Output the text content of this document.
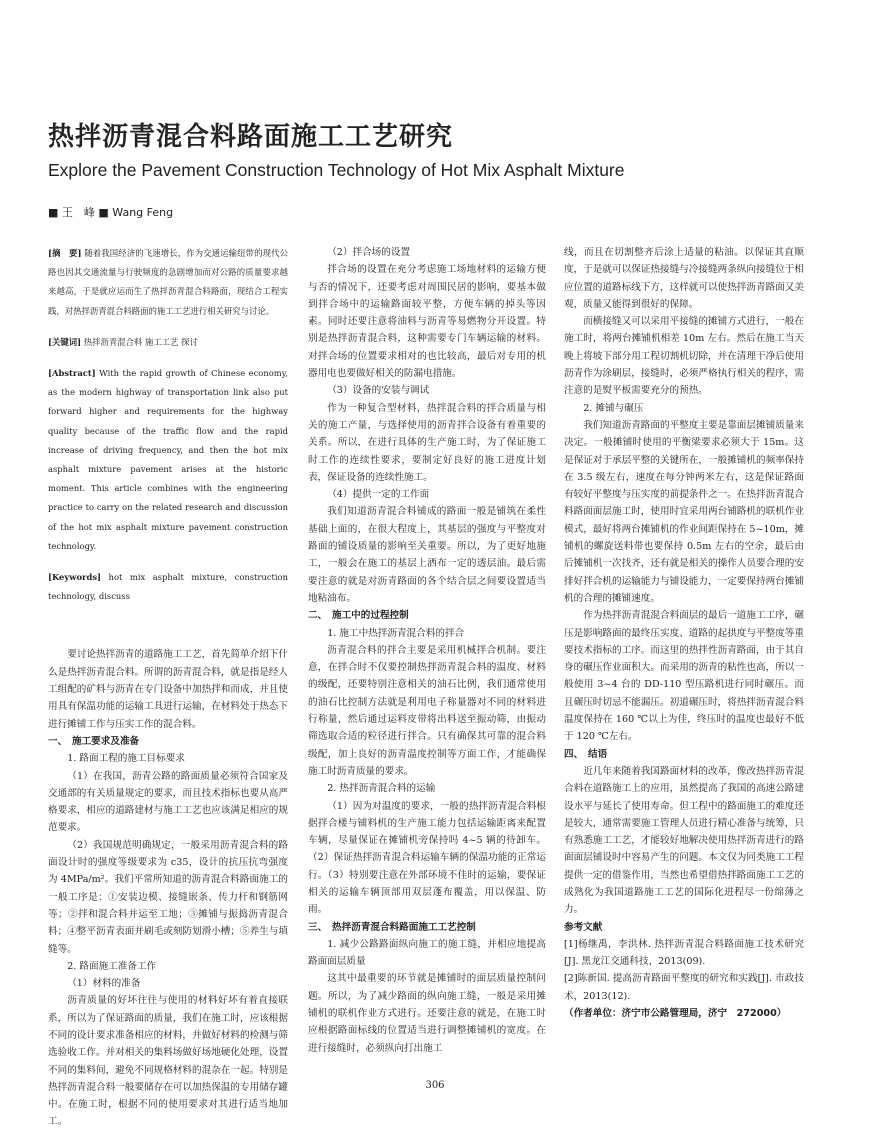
热拌沥青混合料路面施工工艺研究
Explore the Pavement Construction Technology of Hot Mix Asphalt Mixture
■ 王　峰 ■ Wang Feng

[摘　要] 随着我国经济的飞速增长，作为交通运输纽带的现代公路也因其交通流量与行驶频度的急剧增加而对公路的质量要求越来越高，于是就应运而生了热拌沥青混合料路面，现结合工程实践，对热拌沥青混合料路面的施工工艺进行相关研究与讨论。

[关键词] 热拌沥青混合料 施工工艺 探讨

[Abstract] With the rapid growth of Chinese economy, as the modern highway of transportation link also put forward higher and requirements for the highway quality because of the traffic flow and the rapid increase of driving frequency, and then the hot mix asphalt mixture pavement arises at the historic moment. This article combines with the engineering practice to carry on the related research and discussion of the hot mix asphalt mixture pavement construction technology.

[Keywords] hot mix asphalt mixture, construction technology, discuss

要讨论热拌沥青的道路施工工艺，首先简单介绍下什么是热拌沥青混合料。所谓的沥青混合料，就是指是经人工组配的矿料与沥青在专门设备中加热拌和而成，并且使用具有保温功能的运输工具进行运输，在材料处于热态下进行摊铺工作与压实工作的混合料。

一、　施工要求及准备

1. 路面工程的施工目标要求

（1）在我国，沥青公路的路面质量必须符合国家及交通部的有关质量规定的要求，而且技术指标也要从高严格要求，相应的道路建材与施工工艺也应该满足相应的规范要求。

（2）我国规范明确规定，一般采用沥青混合料的路面设计时的强度等级要求为 c35，设计的抗压抗弯强度为 4MPa/m²。我们平常所知道的沥青混合料路面施工的一般工序是：①安装边模、接缝嵌条、传力杆和钢筋网等；②拌和混合料并运至工地；③摊铺与振捣沥青混合料；④整平沥青表面并刷毛或刻防划滑小槽；⑤养生与填缝等。

2. 路面施工准备工作

（1）材料的准备

沥青质量的好坏往往与使用的材料好坏有着直接联系，所以为了保证路面的质量，我们在施工时，应该根据不同的设计要求准备相应的材料，并做好材料的检测与筛选验收工作。并对相关的集料场做好场地硬化处理，设置不同的集料间，避免不同规格材料的混杂在一起。特别是热拌沥青混合料一般要储存在可以加热保温的专用储存罐中。在施工时，根据不同的使用要求对其进行适当地加工。

（2）拌合场的设置

拌合场的设置在充分考虑施工场地材料的运输方便与否的情况下，还要考虑对周围民居的影响，要基本做到拌合场中的运输路面较平整，方便车辆的掉头等因素。同时还要注意将油料与沥青等易燃物分开设置。特别是热拌沥青混合料，这种需要专门车辆运输的材料。对拌合场的位置要求相对的也比较高，最后对专用的机器用电也要做好相关的防漏电措施。

（3）设备的安装与调试

作为一种复合型材料，热拌混合料的拌合质量与相关的施工产量，与选择使用的沥青拌合设备有着重要的关系。所以，在进行具体的生产施工时，为了保证施工时工作的连续性要求，要制定好良好的施工进度计划表，保证设备的连续性施工。

（4）提供一定的工作面

我们知道沥青混合料铺成的路面一般是铺筑在柔性基础上面的，在很大程度上，其基层的强度与平整度对路面的铺设质量的影响至关重要。所以，为了更好地施工，一般会在施工的基层上洒布一定的透层油。最后需要注意的就是对沥青路面的各个结合层之间要设置适当地粘油布。

二、　施工中的过程控制

1. 施工中热拌沥青混合料的拌合

沥青混合料的拌合主要是采用机械拌合机制。要注意，在拌合时不仅要控制热拌沥青混合料的温度、材料的级配，还要特别注意相关的油石比例，我们通常使用的油石比控制方法就是利用电子称量器对不同的材料进行称量，然后通过运料皮带将出料送至振动筛，由振动筛选取合适的粒径进行拌合。只有确保其可靠的混合料级配，加上良好的沥青温度控制等方面工作，才能确保施工时沥青质量的要求。

2. 热拌沥青混合料的运输

（1）因为对温度的要求，一般的热拌沥青混合料根据拌合楼与铺料机的生产施工能力包括运输距离来配置车辆，尽量保证在摊铺机旁保持吗 4~5 辆的待卸车。（2）保证热拌沥青混合料运输车辆的保温功能的正常运行。（3）特别要注意在外部环境不佳时的运输，要保证相关的运输车辆顶部用双层蓬布覆盖，用以保温、防雨。

三、　热拌沥青混合料路面施工工艺控制

1. 减少公路路面纵向施工的施工缝，并相应地提高路面面层质量

这其中最重要的环节就是摊铺时的面层质量控制问题。所以，为了减少路面的纵向施工缝，一般是采用摊铺机的联机作业方式进行。还要注意的就是，在施工时应根据路面标线的位置适当进行调整摊铺机的宽度。在进行接缝时，必须纵向打出施工

线，而且在切割整齐后涂上适量的粘油。以保证其直顺度，于是就可以保证热接缝与冷接缝两条纵向接缝位于相应位置的道路标线下方，这样就可以使热拌沥青路面又美观，质量又能得到很好的保障。

而横接缝又可以采用平接缝的摊铺方式进行，一般在施工时，将两台摊铺机相差 10m 左右。然后在施工当天晚上将坡下部分用工程切割机切除，并在清理干净后使用沥青作为涂刷层，接缝时，必须严格执行相关的程序，需注意的是熨平板需要充分的预热。

2. 摊铺与碾压

我们知道沥青路面的平整度主要是靠面层摊铺质量来决定。一般摊铺时使用的平衡梁要求必须大于 15m。这是保证对于承层平整的关键所在，一般摊铺机的频率保持在 3.5 级左右，速度在每分钟两米左右，这是保证路面有较好平整度与压实度的前提条件之一。在热拌沥青混合料路面面层施工时，使用时宜采用两台铺路机的联机作业模式，最好将两台摊铺机的作业间距保持在 5~10m，摊铺机的螺旋送料带也要保持 0.5m 左右的空余，最后由后摊铺机一次找齐，还有就是相关的操作人员要合理的安排好拌合机的运输能力与铺设能力，一定要保持两台摊铺机的合理的摊铺速度。

作为热拌沥青混混合料面层的最后一道施工工序，碾压是影响路面的最终压实度、道路的起拱度与平整度等重要技术指标的工序。而这里的热拌性沥青路面，由于其自身的碾压作业面积大。而采用的沥青的粘性也高，所以一般使用 3~4 台的 DD-110 型压路机进行同时碾压。而且碾压时切忌不能漏压。初道碾压时，将热拌沥青混合料温度保持在 160 ℃以上为佳，终压时的温度也最好不低于 120 ℃左右。

四、　结语

近几年来随着我国路面材料的改革，像改热拌沥青混合料在道路施工上的应用，虽然提高了我国的高速公路建设水平与延长了使用寿命。但工程中的路面施工的难度还是较大，通常需要施工管理人员进行精心准备与统筹，只有熟悉施工工艺，才能较好地解决使用热拌沥青进行的路面面层铺设时中容易产生的问题。本文仅为同类施工工程提供一定的借鉴作用，当然也希望借热拌路面施工工艺的成熟化为我国道路施工工艺的国际化进程尽一份绵薄之力。

参考文献

[1]杨继禹，李洪林. 热拌沥青混合料路面施工技术研究[J]. 黑龙江交通科技，2013(09).

[2]陈新国. 提高沥青路面平整度的研究和实践[J]. 市政技术，2013(12).

（作者单位：济宁市公路管理局，济宁　272000）

306
